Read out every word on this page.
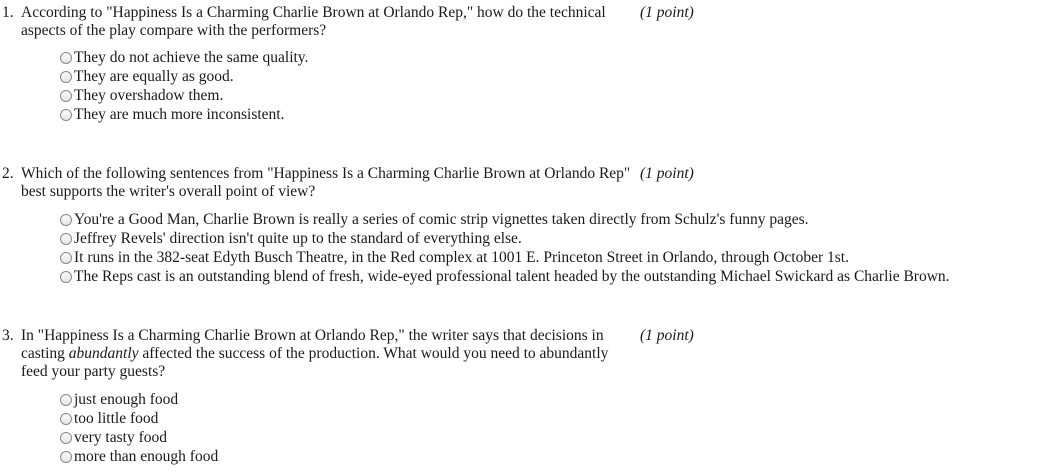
1. According to "Happiness Is a Charming Charlie Brown at Orlando Rep," how do the technical aspects of the play compare with the performers?
(1 point)
They do not achieve the same quality.
They are equally as good.
They overshadow them.
They are much more inconsistent.
2. Which of the following sentences from "Happiness Is a Charming Charlie Brown at Orlando Rep" best supports the writer's overall point of view?
(1 point)
You're a Good Man, Charlie Brown is really a series of comic strip vignettes taken directly from Schulz's funny pages.
Jeffrey Revels' direction isn't quite up to the standard of everything else.
It runs in the 382-seat Edyth Busch Theatre, in the Red complex at 1001 E. Princeton Street in Orlando, through October 1st.
The Reps cast is an outstanding blend of fresh, wide-eyed professional talent headed by the outstanding Michael Swickard as Charlie Brown.
3. In "Happiness Is a Charming Charlie Brown at Orlando Rep," the writer says that decisions in casting abundantly affected the success of the production. What would you need to abundantly feed your party guests?
(1 point)
just enough food
too little food
very tasty food
more than enough food
